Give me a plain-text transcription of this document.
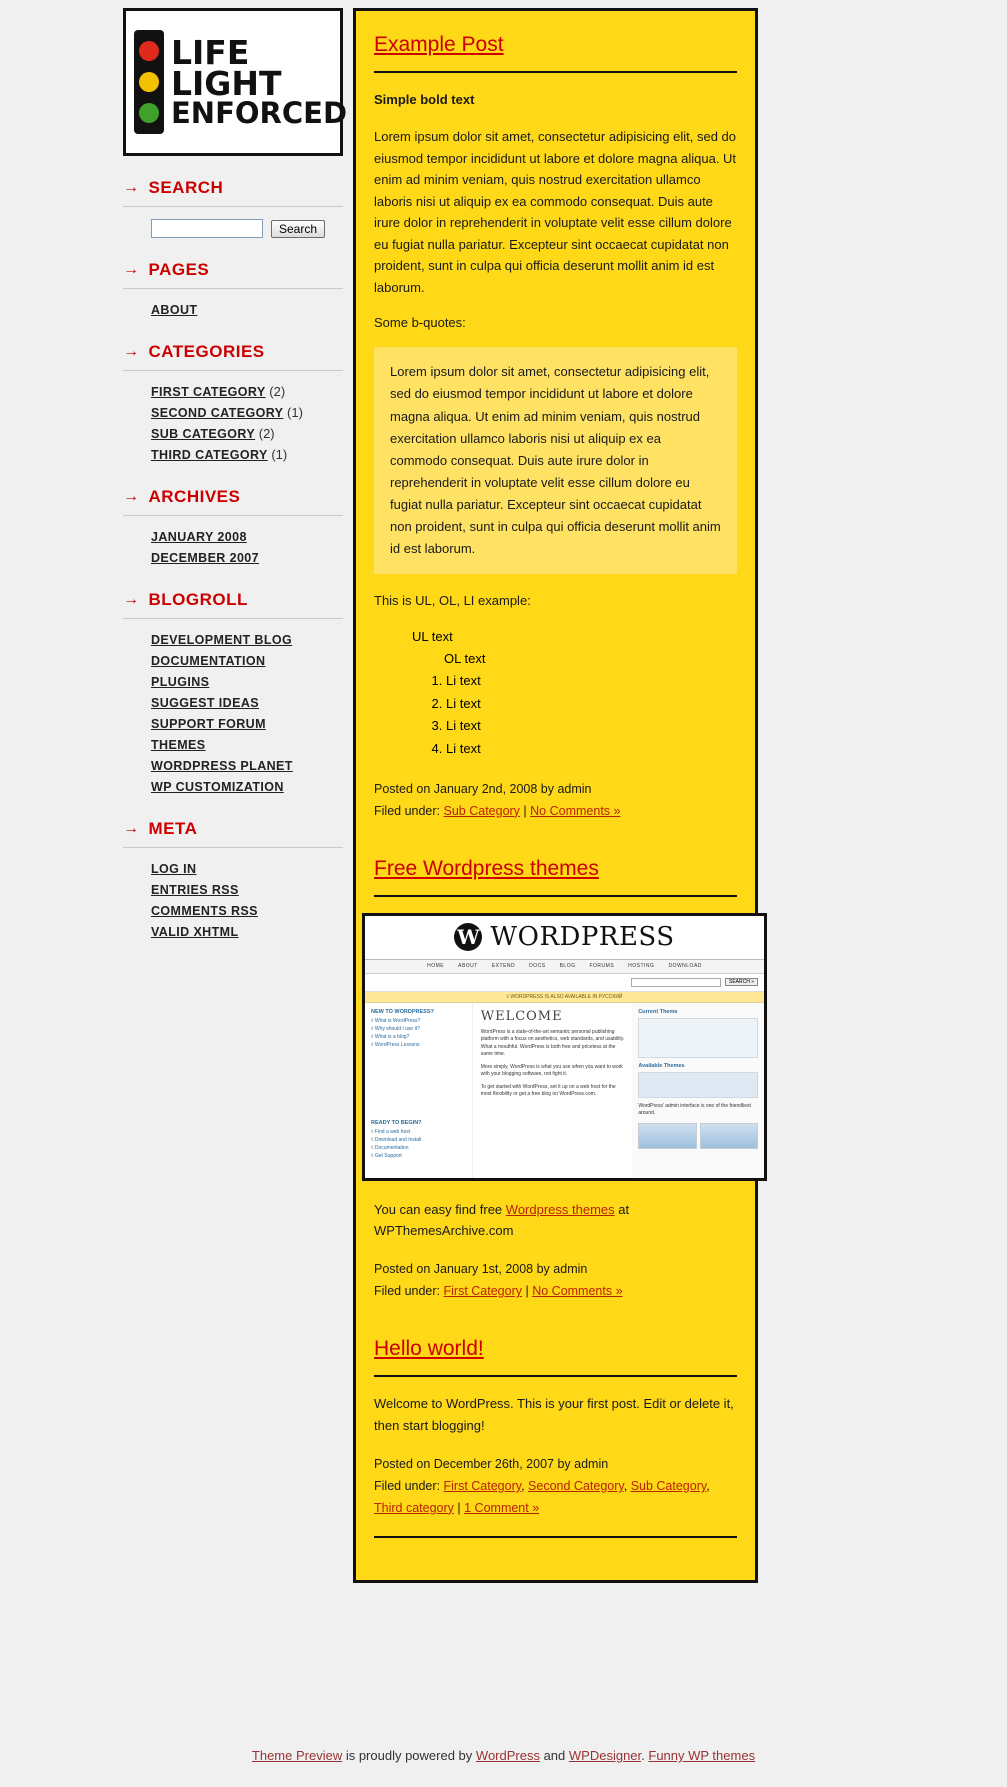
LIFE
LIGHT
ENFORCED
→ SEARCH
Search
→ PAGES
ABOUT
→ CATEGORIES
FIRST CATEGORY (2)
SECOND CATEGORY (1)
SUB CATEGORY (2)
THIRD CATEGORY (1)
→ ARCHIVES
JANUARY 2008
DECEMBER 2007
→ BLOGROLL
DEVELOPMENT BLOG
DOCUMENTATION
PLUGINS
SUGGEST IDEAS
SUPPORT FORUM
THEMES
WORDPRESS PLANET
WP CUSTOMIZATION
→ META
LOG IN
ENTRIES RSS
COMMENTS RSS
VALID XHTML
Example Post

Simple bold text

Lorem ipsum dolor sit amet, consectetur adipisicing elit, sed do eiusmod tempor incididunt ut labore et dolore magna aliqua. Ut enim ad minim veniam, quis nostrud exercitation ullamco laboris nisi ut aliquip ex ea commodo consequat. Duis aute irure dolor in reprehenderit in voluptate velit esse cillum dolore eu fugiat nulla pariatur. Excepteur sint occaecat cupidatat non proident, sunt in culpa qui officia deserunt mollit anim id est laborum.

Some b-quotes:

Lorem ipsum dolor sit amet, consectetur adipisicing elit, sed do eiusmod tempor incididunt ut labore et dolore magna aliqua. Ut enim ad minim veniam, quis nostrud exercitation ullamco laboris nisi ut aliquip ex ea commodo consequat. Duis aute irure dolor in reprehenderit in voluptate velit esse cillum dolore eu fugiat nulla pariatur. Excepteur sint occaecat cupidatat non proident, sunt in culpa qui officia deserunt mollit anim id est laborum.

This is UL, OL, LI example:

UL text
OL text
1. Li text
2. Li text
3. Li text
4. Li text
Posted on January 2nd, 2008 by admin
Filed under: Sub Category | No Comments »
Free Wordpress themes
W WORDPRESS
HOME	ABOUT	EXTEND	DOCS	BLOG	FORUMS	HOSTING	DOWNLOAD
SEARCH »
◊ WORDPRESS IS ALSO AVAILABLE IN РУССКИЙ
NEW TO WORDPRESS?
◊ What is WordPress?
◊ Why should I use it?
◊ What is a blog?
◊ WordPress Lessons
READY TO BEGIN?
◊ Find a web host
◊ Download and Install
◊ Documentation
◊ Get Support
WELCOME
WordPress is a state-of-the-art semantic personal publishing platform with a focus on aesthetics, web standards, and usability. What a mouthful. WordPress is both free and priceless at the same time.
More simply, WordPress is what you use when you want to work with your blogging software, not fight it.
To get started with WordPress, set it up on a web host for the most flexibility or get a free blog on WordPress.com.
Current Theme
Available Themes
WordPress' admin interface is one of the friendliest around.

You can easy find free Wordpress themes at WPThemesArchive.com

Posted on January 1st, 2008 by admin
Filed under: First Category | No Comments »
Hello world!

Welcome to WordPress. This is your first post. Edit or delete it, then start blogging!

Posted on December 26th, 2007 by admin
Filed under: First Category, Second Category, Sub Category, Third category | 1 Comment »
Theme Preview is proudly powered by WordPress and WPDesigner. Funny WP themes
